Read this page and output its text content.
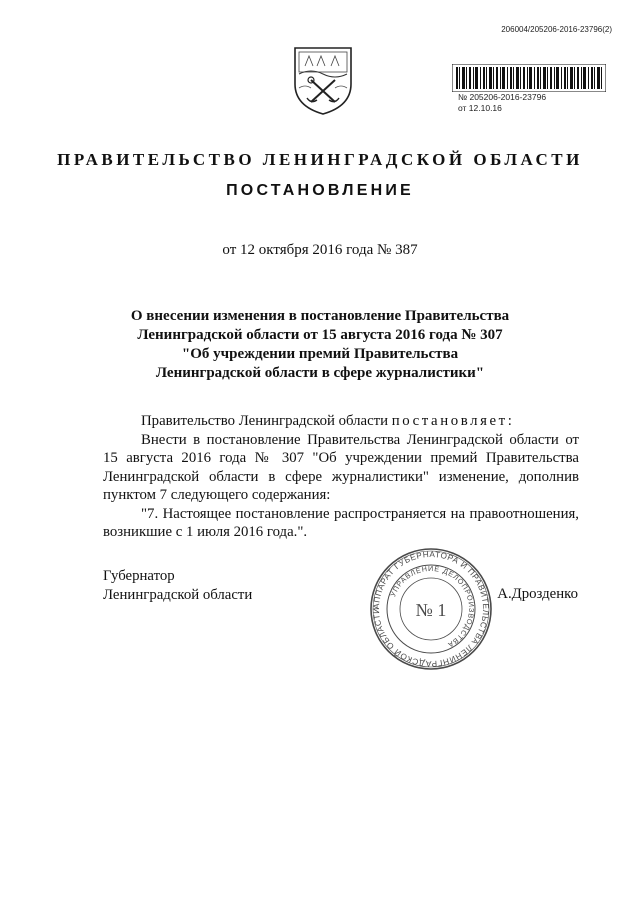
206004/205206-2016-23796(2)
№ 205206-2016-23796
от 12.10.16
ПРАВИТЕЛЬСТВО ЛЕНИНГРАДСКОЙ ОБЛАСТИ
ПОСТАНОВЛЕНИЕ
от 12 октября 2016 года № 387
О внесении изменения в постановление Правительства
Ленинградской области от 15 августа 2016 года № 307
"Об учреждении премий Правительства
Ленинградской области в сфере журналистики"

Правительство Ленинградской области постановляет:

Внести в постановление Правительства Ленинградской области от 15 августа 2016 года № 307 "Об учреждении премий Правительства Ленинградской области в сфере журналистики" изменение, дополнив пунктом 7 следующего содержания:

"7. Настоящее постановление распространяется на правоотношения, возникшие с 1 июля 2016 года.".

Губернатор
Ленинградской области	А.Дрозденко
АППАРАТ ГУБЕРНАТОРА И ПРАВИТЕЛЬСТВА ЛЕНИНГРАДСКОЙ ОБЛАСТИ
УПРАВЛЕНИЕ ДЕЛОПРОИЗВОДСТВА
№ 1
